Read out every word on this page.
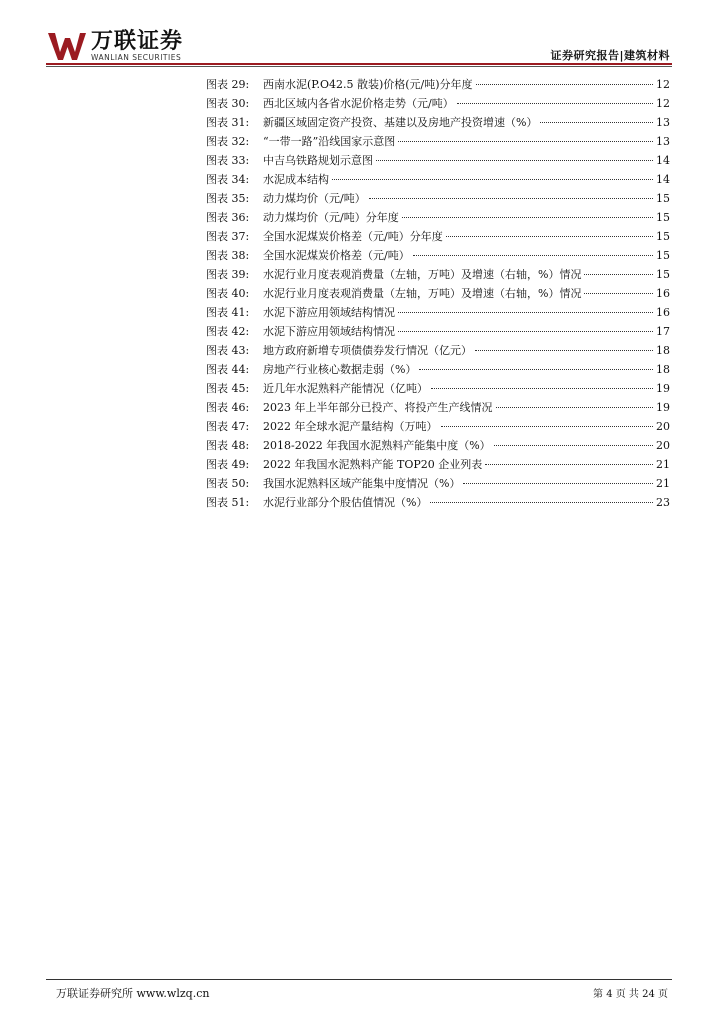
万联证券
WANLIAN SECURITIES	证券研究报告|建筑材料
图表 29:	西南水泥(P.O42.5 散装)价格(元/吨)分年度	12
图表 30:	西北区域内各省水泥价格走势（元/吨）	12
图表 31:	新疆区域固定资产投资、基建以及房地产投资增速（%）	13
图表 32:	“一带一路”沿线国家示意图	13
图表 33:	中吉乌铁路规划示意图	14
图表 34:	水泥成本结构	14
图表 35:	动力煤均价（元/吨）	15
图表 36:	动力煤均价（元/吨）分年度	15
图表 37:	全国水泥煤炭价格差（元/吨）分年度	15
图表 38:	全国水泥煤炭价格差（元/吨）	15
图表 39:	水泥行业月度表观消费量（左轴，万吨）及增速（右轴，%）情况	15
图表 40:	水泥行业月度表观消费量（左轴，万吨）及增速（右轴，%）情况	16
图表 41:	水泥下游应用领域结构情况	16
图表 42:	水泥下游应用领域结构情况	17
图表 43:	地方政府新增专项债债券发行情况（亿元）	18
图表 44:	房地产行业核心数据走弱（%）	18
图表 45:	近几年水泥熟料产能情况（亿吨）	19
图表 46:	2023 年上半年部分已投产、将投产生产线情况	19
图表 47:	2022 年全球水泥产量结构（万吨）	20
图表 48:	2018-2022 年我国水泥熟料产能集中度（%）	20
图表 49:	2022 年我国水泥熟料产能 TOP20 企业列表	21
图表 50:	我国水泥熟料区域产能集中度情况（%）	21
图表 51:	水泥行业部分个股估值情况（%）	23
万联证券研究所 www.wlzq.cn	第 4 页 共 24 页
